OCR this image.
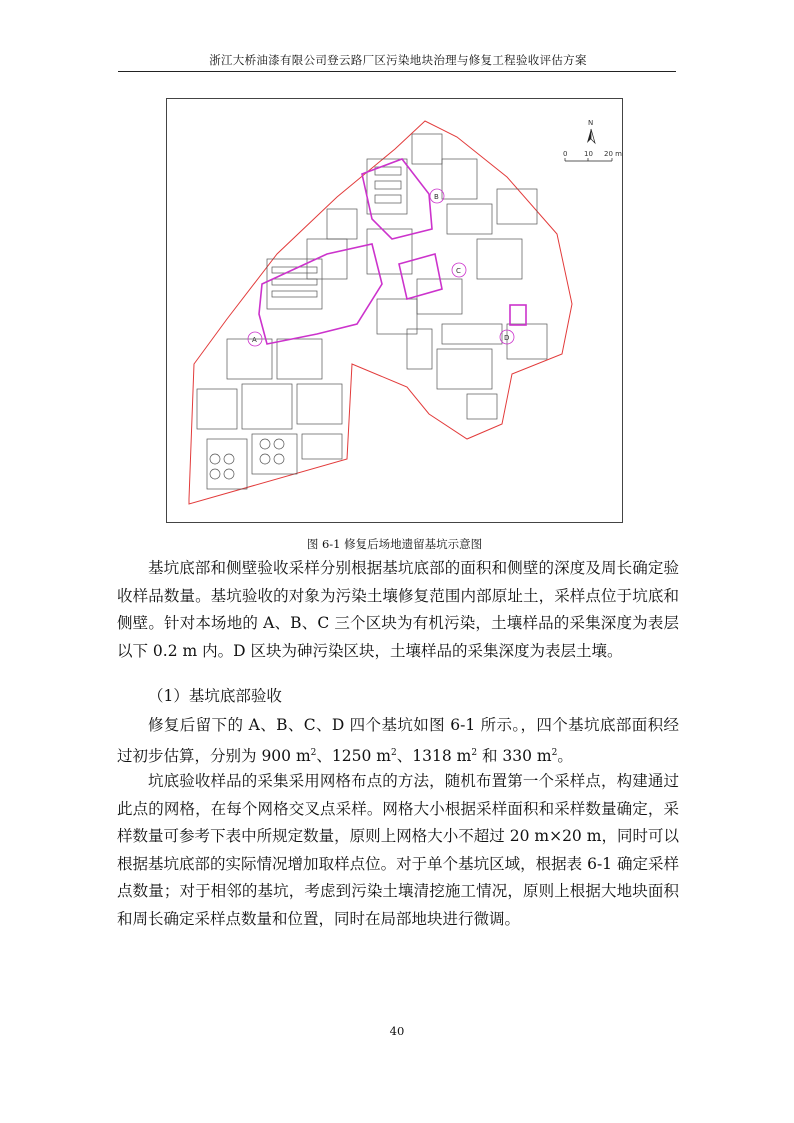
浙江大桥油漆有限公司登云路厂区污染地块治理与修复工程验收评估方案
A
B
C
D
N
0 10 20 m
图 6-1 修复后场地遗留基坑示意图

基坑底部和侧壁验收采样分别根据基坑底部的面积和侧壁的深度及周长确定验收样品数量。基坑验收的对象为污染土壤修复范围内部原址土，采样点位于坑底和侧壁。针对本场地的 A、B、C 三个区块为有机污染，土壤样品的采集深度为表层以下 0.2 m 内。D 区块为砷污染区块，土壤样品的采集深度为表层土壤。

（1）基坑底部验收

修复后留下的 A、B、C、D 四个基坑如图 6-1 所示。，四个基坑底部面积经过初步估算，分别为 900 $m^2$、1250 $m^2$、1318 $m^2$ 和 330 $m^2$。

坑底验收样品的采集采用网格布点的方法，随机布置第一个采样点，构建通过此点的网格，在每个网格交叉点采样。网格大小根据采样面积和采样数量确定，采样数量可参考下表中所规定数量，原则上网格大小不超过 20 m×20 m，同时可以根据基坑底部的实际情况增加取样点位。对于单个基坑区域，根据表 6-1 确定采样点数量；对于相邻的基坑，考虑到污染土壤清挖施工情况，原则上根据大地块面积和周长确定采样点数量和位置，同时在局部地块进行微调。

40
